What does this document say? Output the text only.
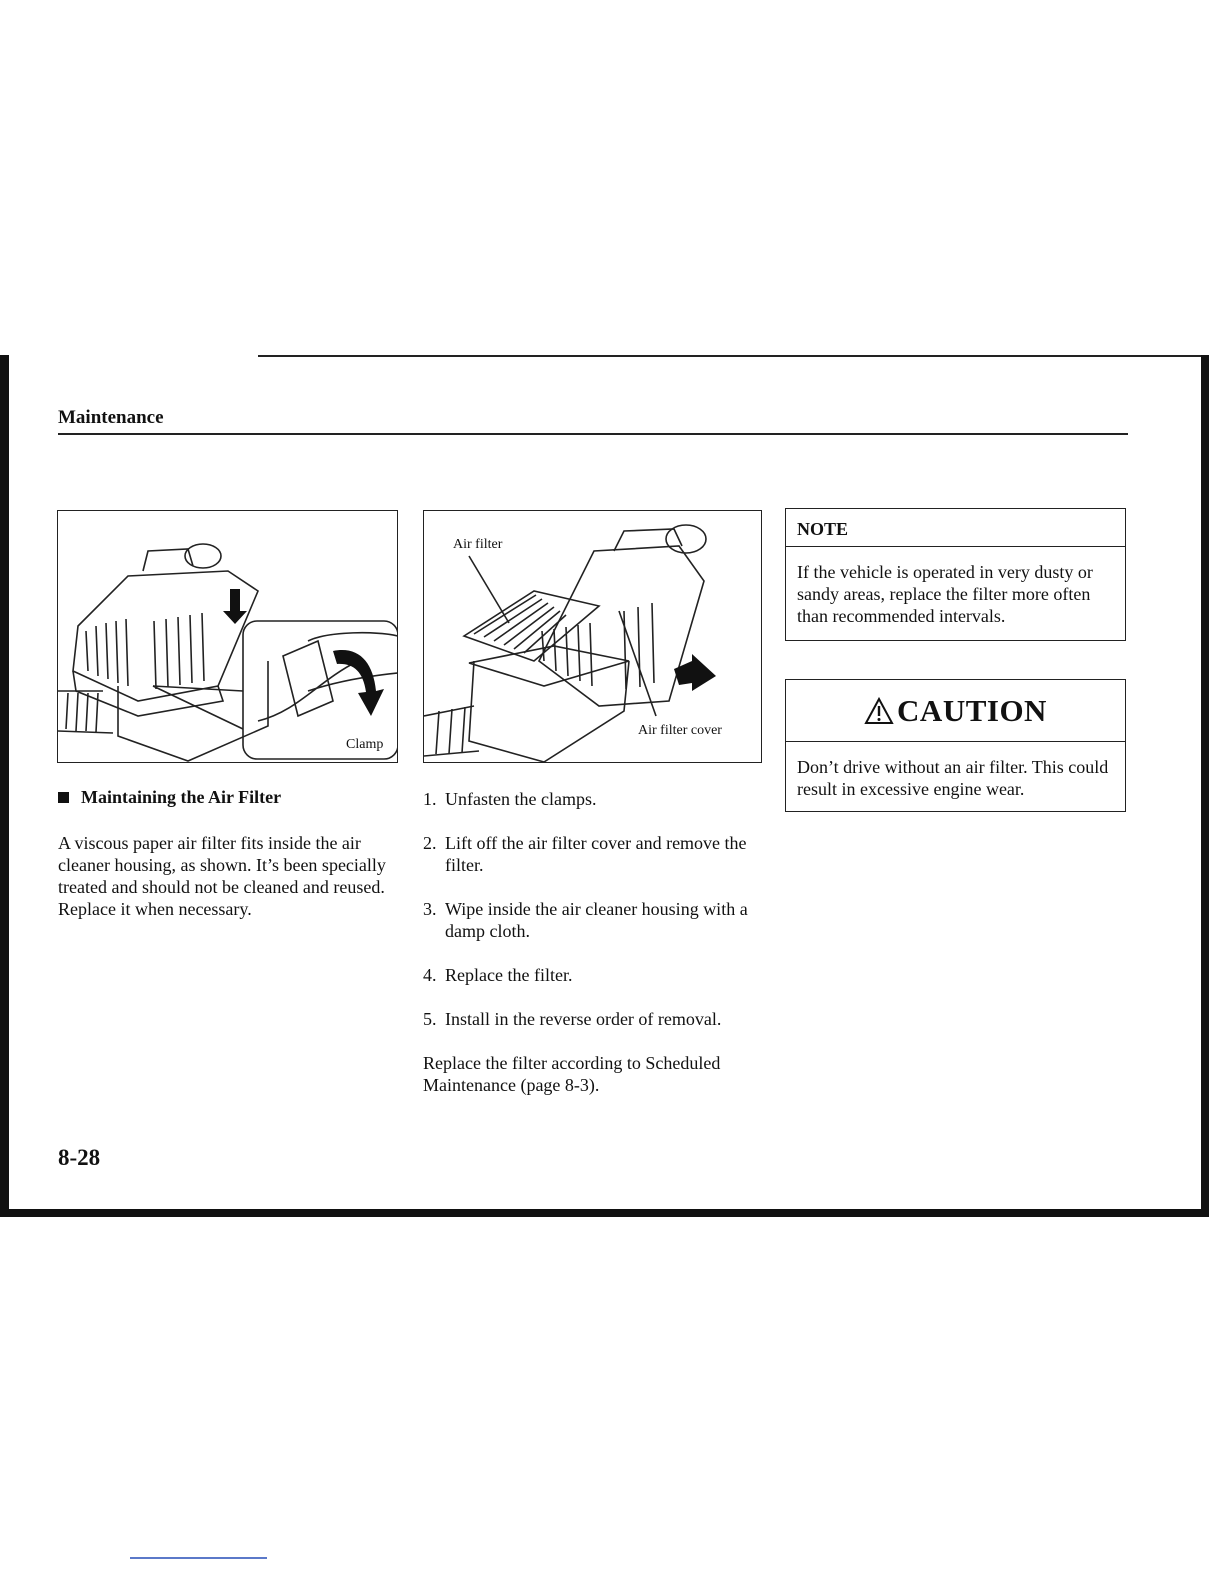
Maintenance
Clamp
Air filter
Air filter cover
Maintaining the Air Filter
A viscous paper air filter fits inside the air cleaner housing, as shown. It’s been specially treated and should not be cleaned and reused. Replace it when necessary.
1. Unfasten the clamps.
2. Lift off the air filter cover and remove the filter.
3. Wipe inside the air cleaner housing with a damp cloth.
4. Replace the filter.
5. Install in the reverse order of removal.
Replace the filter according to Scheduled Maintenance (page 8-3).
NOTE
If the vehicle is operated in very dusty or sandy areas, replace the filter more often than recommended intervals.
CAUTION
Don’t drive without an air filter. This could result in excessive engine wear.
8-28
